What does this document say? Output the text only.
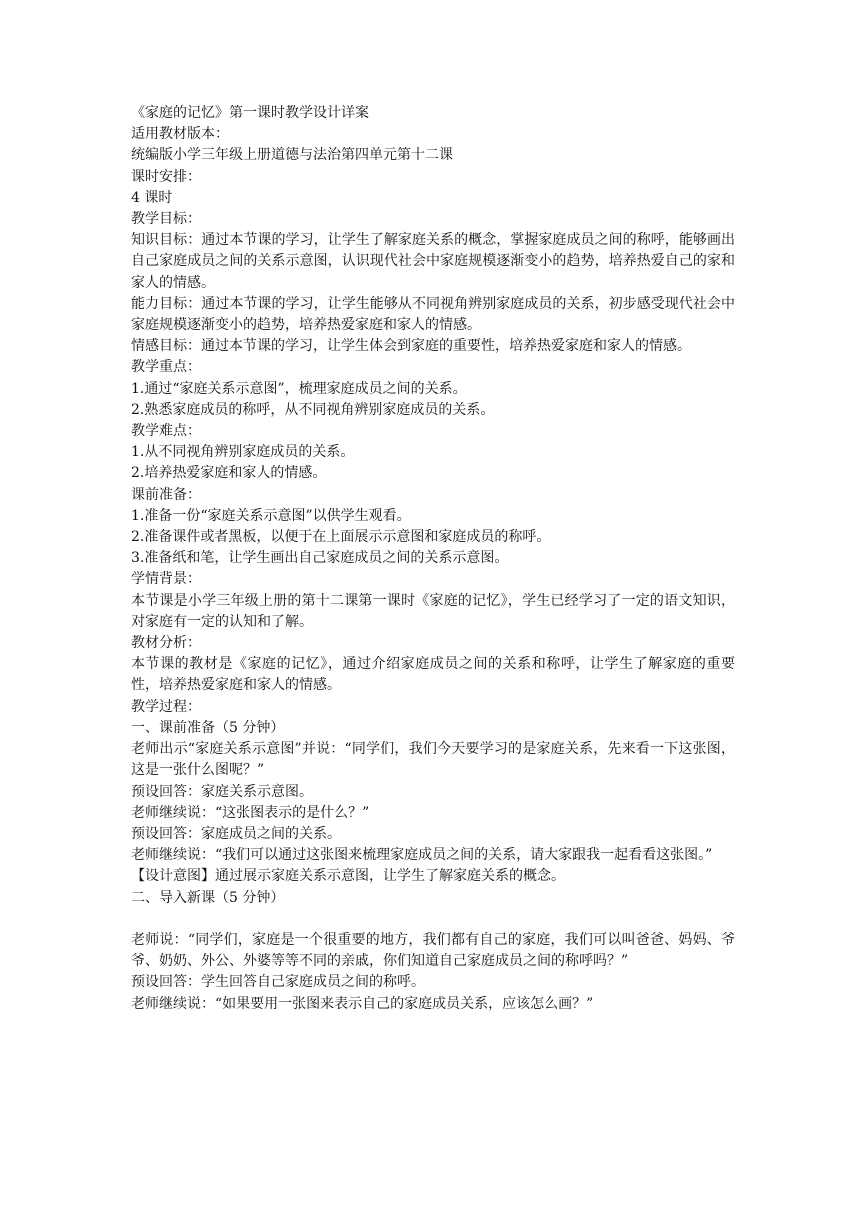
《家庭的记忆》第一课时教学设计详案

适用教材版本：

统编版小学三年级上册道德与法治第四单元第十二课

课时安排：

4 课时

教学目标：

知识目标：通过本节课的学习，让学生了解家庭关系的概念，掌握家庭成员之间的称呼，能够画出自己家庭成员之间的关系示意图，认识现代社会中家庭规模逐渐变小的趋势，培养热爱自己的家和家人的情感。

能力目标：通过本节课的学习，让学生能够从不同视角辨别家庭成员的关系，初步感受现代社会中家庭规模逐渐变小的趋势，培养热爱家庭和家人的情感。

情感目标：通过本节课的学习，让学生体会到家庭的重要性，培养热爱家庭和家人的情感。

教学重点：

1.通过“家庭关系示意图”，梳理家庭成员之间的关系。

2.熟悉家庭成员的称呼，从不同视角辨别家庭成员的关系。

教学难点：

1.从不同视角辨别家庭成员的关系。

2.培养热爱家庭和家人的情感。

课前准备：

1.准备一份“家庭关系示意图”以供学生观看。

2.准备课件或者黑板，以便于在上面展示示意图和家庭成员的称呼。

3.准备纸和笔，让学生画出自己家庭成员之间的关系示意图。

学情背景：

本节课是小学三年级上册的第十二课第一课时《家庭的记忆》，学生已经学习了一定的语文知识，对家庭有一定的认知和了解。

教材分析：

本节课的教材是《家庭的记忆》，通过介绍家庭成员之间的关系和称呼，让学生了解家庭的重要性，培养热爱家庭和家人的情感。

教学过程：

一、课前准备（5 分钟）

老师出示“家庭关系示意图”并说：“同学们，我们今天要学习的是家庭关系，先来看一下这张图，这是一张什么图呢？”

预设回答：家庭关系示意图。

老师继续说：“这张图表示的是什么？”

预设回答：家庭成员之间的关系。

老师继续说：“我们可以通过这张图来梳理家庭成员之间的关系，请大家跟我一起看看这张图。”

【设计意图】通过展示家庭关系示意图，让学生了解家庭关系的概念。

二、导入新课（5 分钟）

老师说：“同学们，家庭是一个很重要的地方，我们都有自己的家庭，我们可以叫爸爸、妈妈、爷爷、奶奶、外公、外婆等等不同的亲戚，你们知道自己家庭成员之间的称呼吗？”

预设回答：学生回答自己家庭成员之间的称呼。

老师继续说：“如果要用一张图来表示自己的家庭成员关系，应该怎么画？”
